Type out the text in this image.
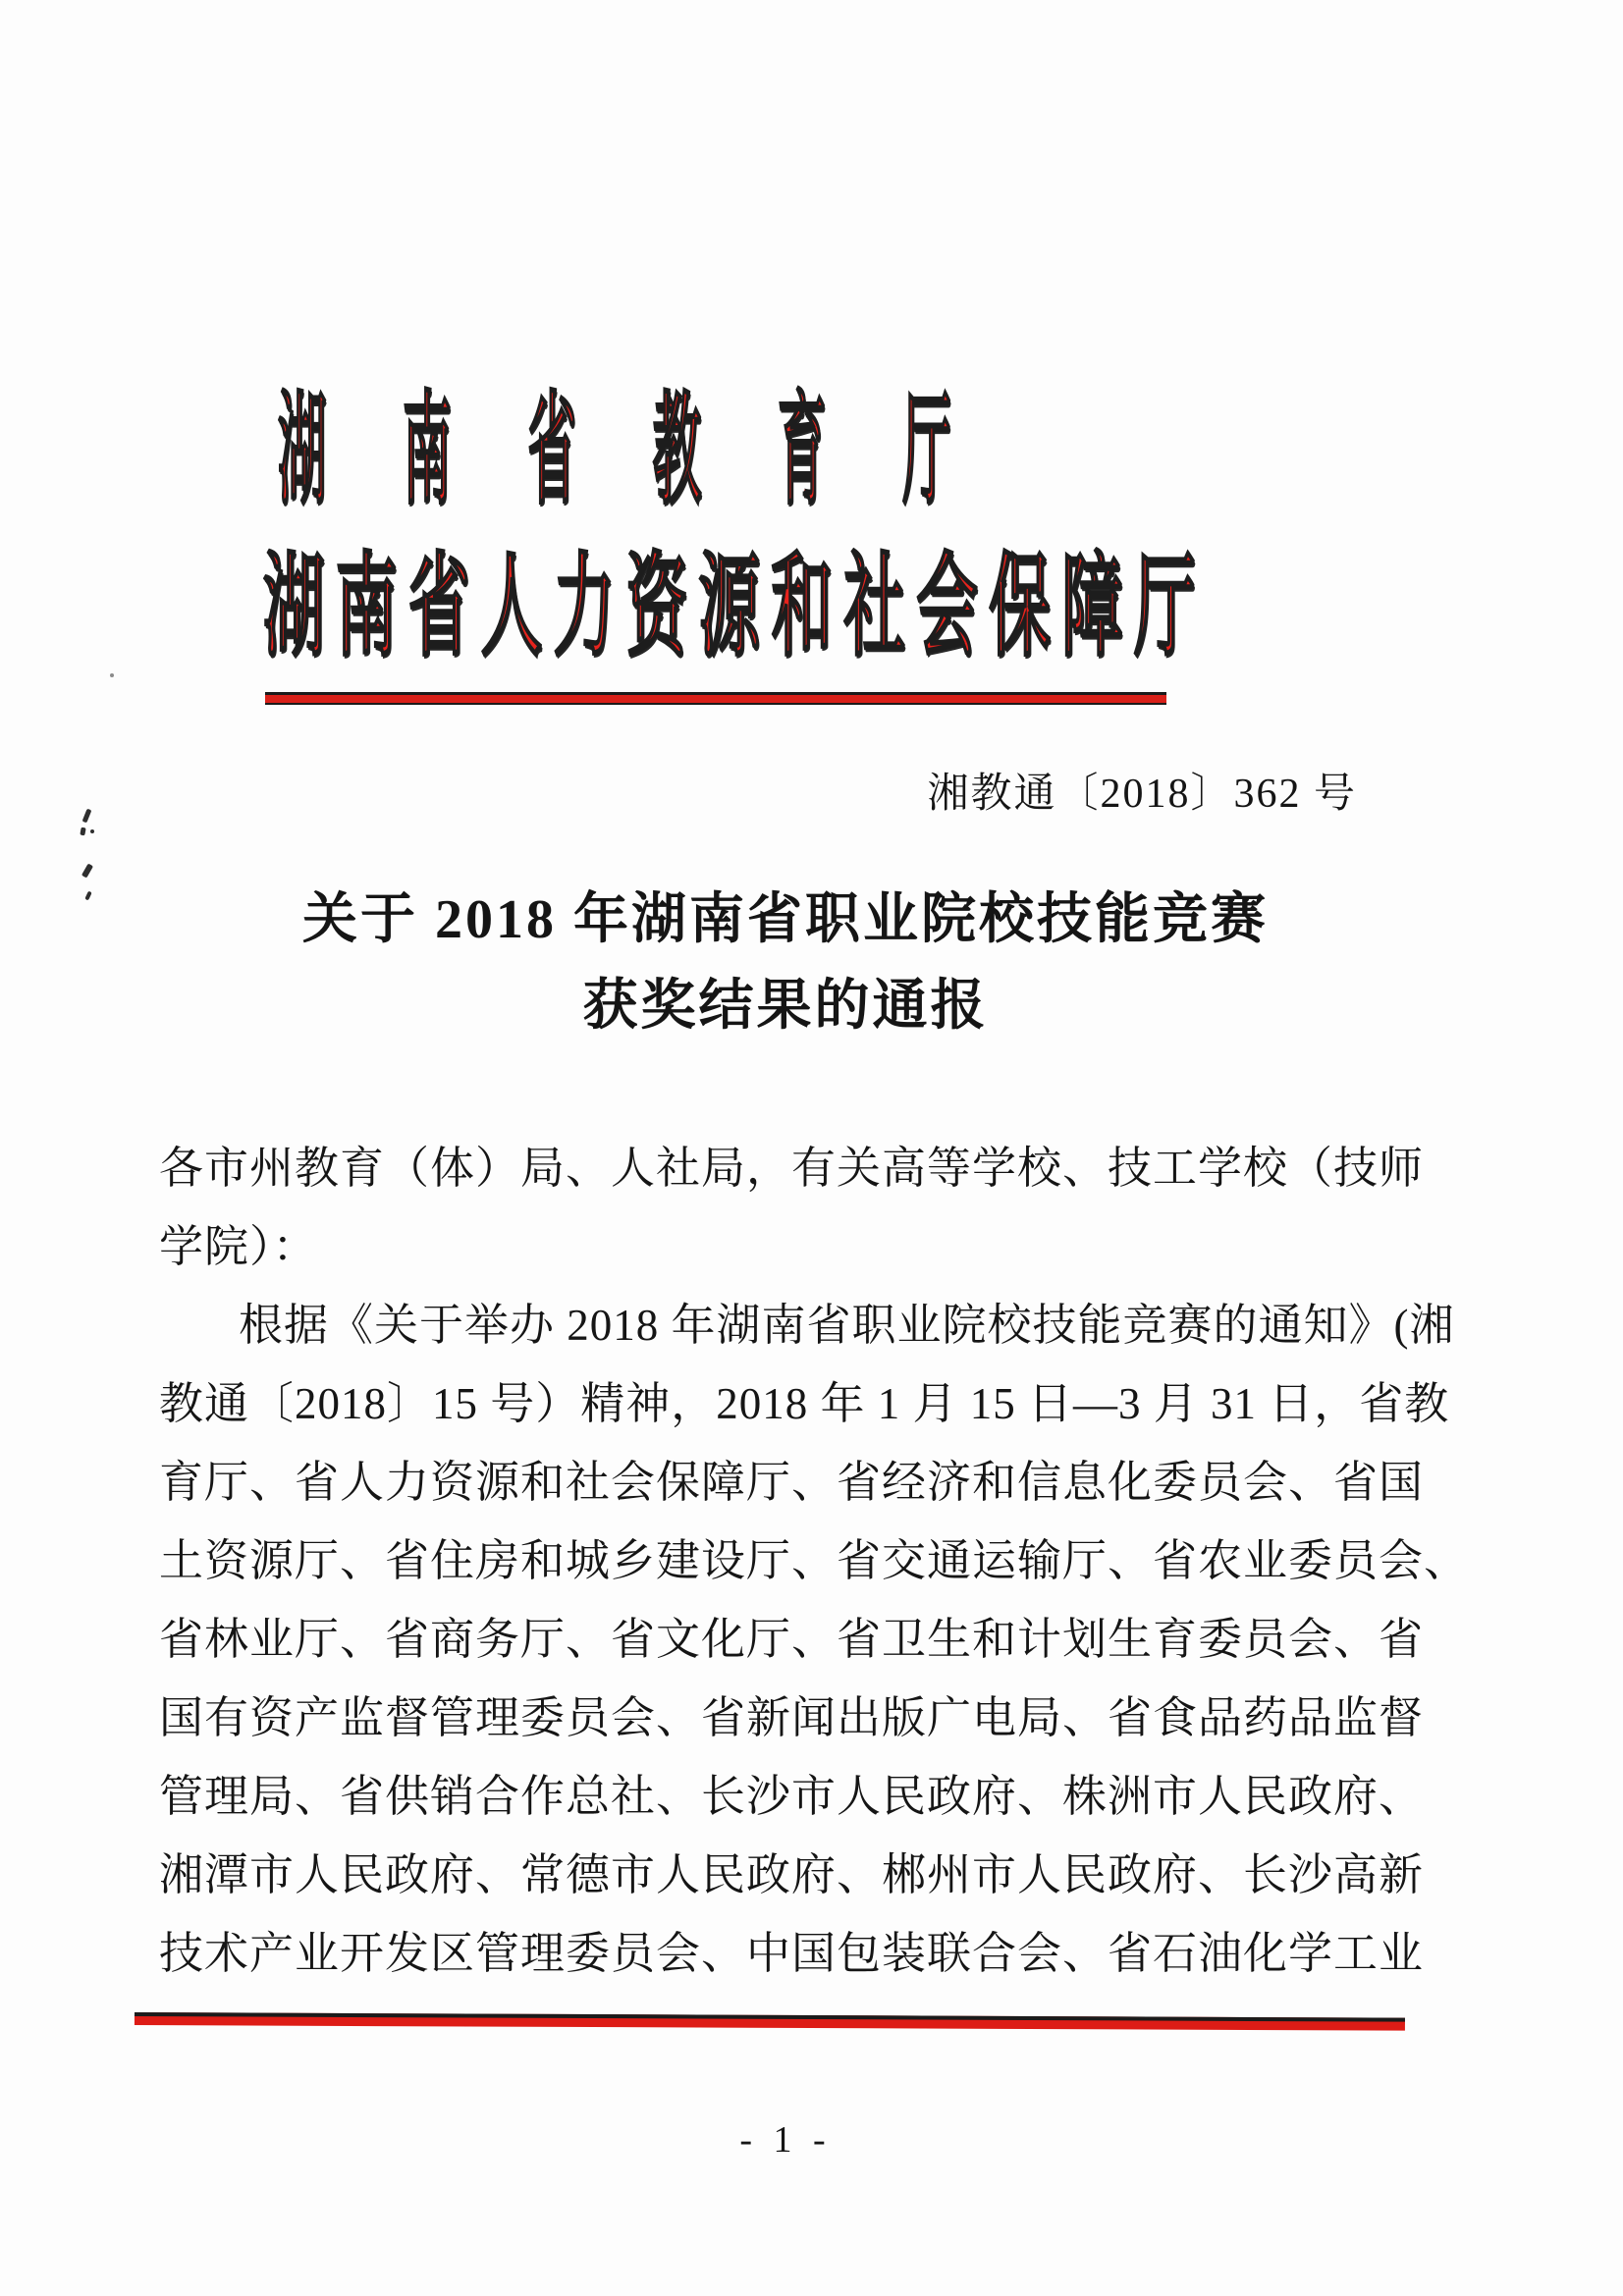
湖南省教育厅
湖南省人力资源和社会保障厅
湘教通〔2018〕362 号
关于 2018 年湖南省职业院校技能竞赛
获奖结果的通报
各市州教育（体）局、人社局，有关高等学校、技工学校（技师
学院）：
根据《关于举办 2018 年湖南省职业院校技能竞赛的通知》(湘
教通〔2018〕15 号）精神，2018 年 1 月 15 日—3 月 31 日，省教
育厅、省人力资源和社会保障厅、省经济和信息化委员会、省国
土资源厅、省住房和城乡建设厅、省交通运输厅、省农业委员会、
省林业厅、省商务厅、省文化厅、省卫生和计划生育委员会、省
国有资产监督管理委员会、省新闻出版广电局、省食品药品监督
管理局、省供销合作总社、长沙市人民政府、株洲市人民政府、
湘潭市人民政府、常德市人民政府、郴州市人民政府、长沙高新
技术产业开发区管理委员会、中国包装联合会、省石油化学工业
- 1 -
